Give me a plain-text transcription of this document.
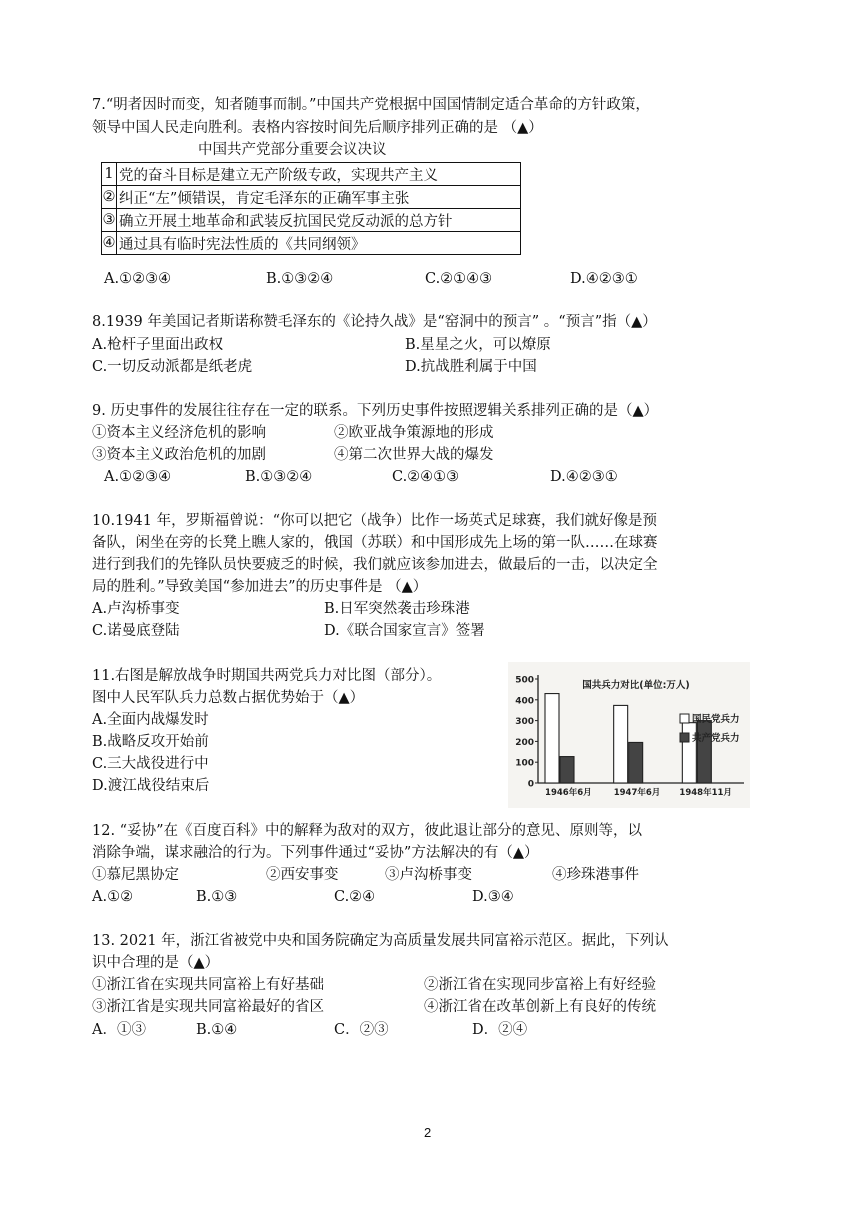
7.“明者因时而变，知者随事而制。”中国共产党根据中国国情制定适合革命的方针政策，
领导中国人民走向胜利。表格内容按时间先后顺序排列正确的是 （▲）
中国共产党部分重要会议决议
1	党的奋斗目标是建立无产阶级专政，实现共产主义
②	纠正“左”倾错误，肯定毛泽东的正确军事主张
③	确立开展土地革命和武装反抗国民党反动派的总方针
④	通过具有临时宪法性质的《共同纲领》
A.①②③④	B.①③②④	C.②①④③	D.④②③①
8.1939 年美国记者斯诺称赞毛泽东的《论持久战》是“窑洞中的预言” 。“预言”指（▲）
A.枪杆子里面出政权	B.星星之火，可以燎原
C.一切反动派都是纸老虎	D.抗战胜利属于中国
9. 历史事件的发展往往存在一定的联系。下列历史事件按照逻辑关系排列正确的是（▲）
①资本主义经济危机的影响	②欧亚战争策源地的形成
③资本主义政治危机的加剧	④第二次世界大战的爆发
A.①②③④	B.①③②④	C.②④①③	D.④②③①
10.1941 年，罗斯福曾说：“你可以把它（战争）比作一场英式足球赛，我们就好像是预
备队，闲坐在旁的长凳上瞧人家的，俄国（苏联）和中国形成先上场的第一队……在球赛
进行到我们的先锋队员快要疲乏的时候，我们就应该参加进去，做最后的一击，以决定全
局的胜利。”导致美国“参加进去”的历史事件是 （▲）
A.卢沟桥事变	B.日军突然袭击珍珠港
C.诺曼底登陆	D.《联合国家宣言》签署
11.右图是解放战争时期国共两党兵力对比图（部分）。
图中人民军队兵力总数占据优势始于（▲）
A.全面内战爆发时
B.战略反攻开始前
C.三大战役进行中
D.渡江战役结束后	0
100
200
300
400
500
1946年6月	1947年6月 1948年11月
国共兵力对比(单位:万人)
国民党兵力
共产党兵力
12. “妥协”在《百度百科》中的解释为敌对的双方，彼此退让部分的意见、原则等，以
消除争端，谋求融洽的行为。下列事件通过“妥协”方法解决的有（▲）
①慕尼黑协定	②西安事变	③卢沟桥事变	④珍珠港事件
A.①②	B.①③	C.②④	D.③④
13. 2021 年，浙江省被党中央和国务院确定为高质量发展共同富裕示范区。据此，下列认
识中合理的是（▲）
①浙江省在实现共同富裕上有好基础	②浙江省在实现同步富裕上有好经验
③浙江省是实现共同富裕最好的省区	④浙江省在改革创新上有良好的传统
A．①③	B.①④	C．②③	D．②④
2
